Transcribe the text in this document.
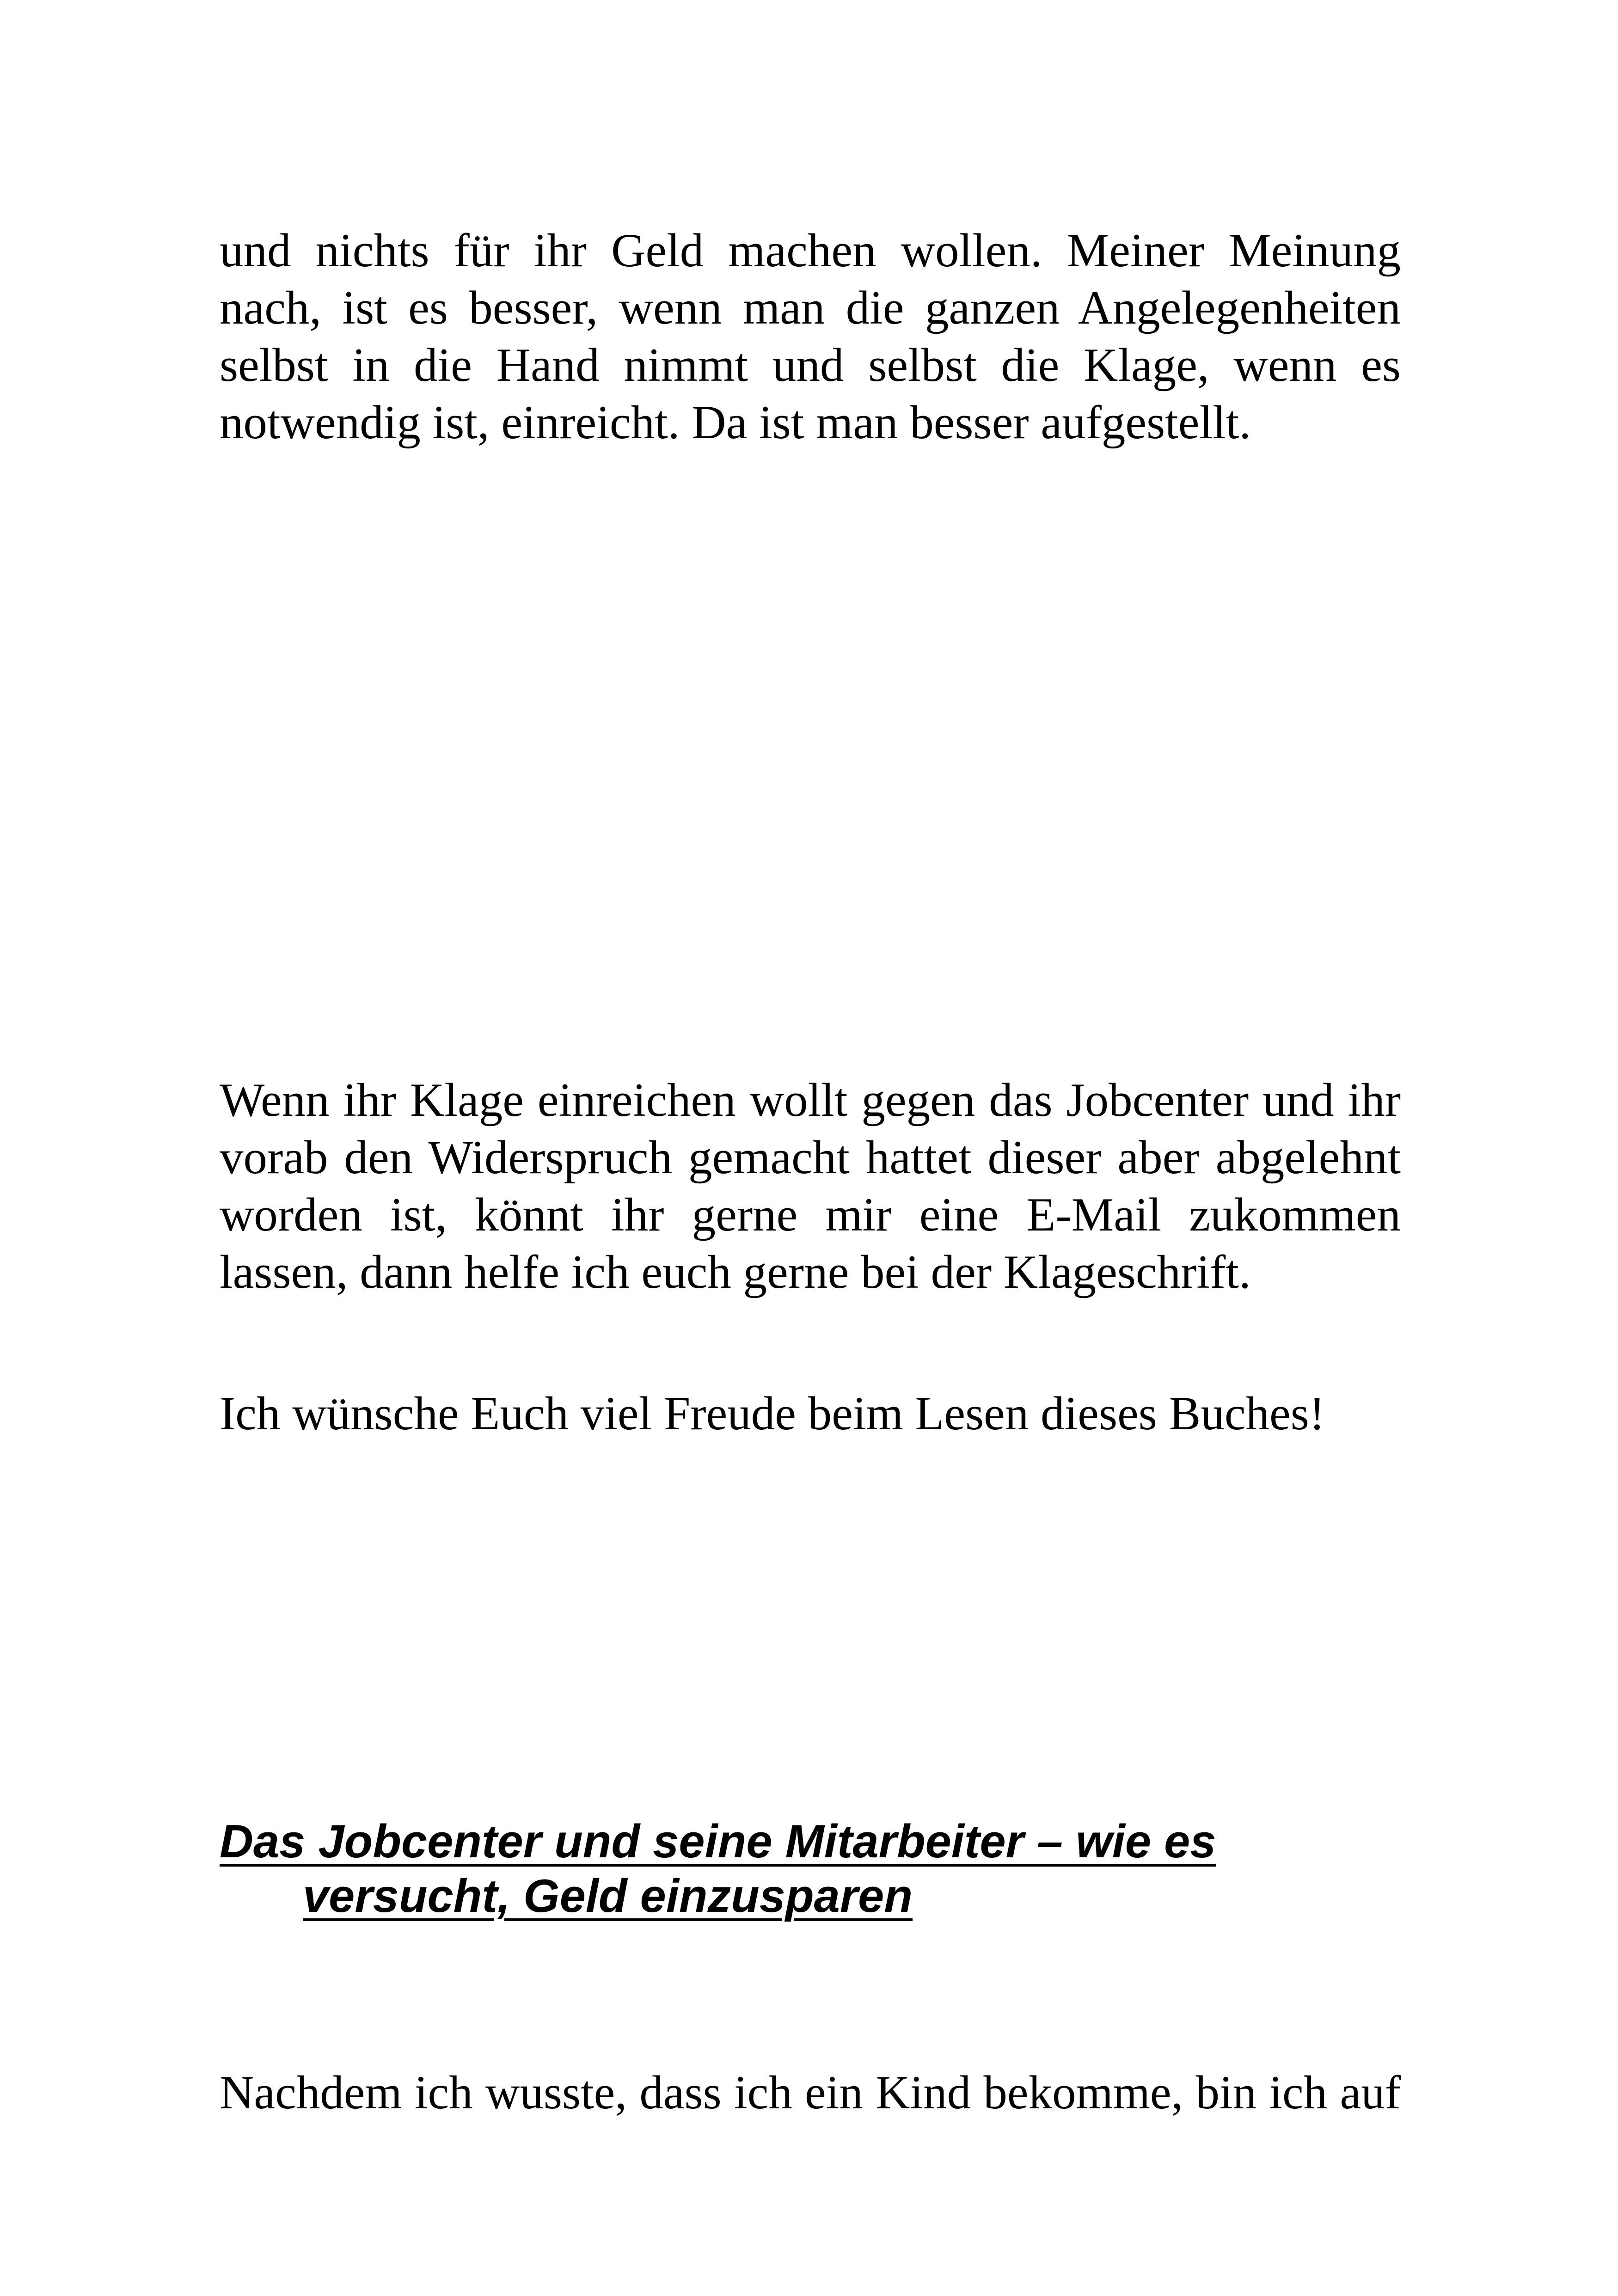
und nichts für ihr Geld machen wollen. Meiner Meinung nach, ist es besser, wenn man die ganzen Angelegenheiten selbst in die Hand nimmt und selbst die Klage, wenn es notwendig ist, einreicht. Da ist man besser aufgestellt.

Wenn ihr Klage einreichen wollt gegen das Jobcenter und ihr vorab den Widerspruch gemacht hattet dieser aber abgelehnt worden ist, könnt ihr gerne mir eine E-Mail zukommen lassen, dann helfe ich euch gerne bei der Klageschrift.

Ich wünsche Euch viel Freude beim Lesen dieses Buches!

Das Jobcenter und seine Mitarbeiter – wie es
versucht, Geld einzusparen

Nachdem ich wusste, dass ich ein Kind bekomme, bin ich auf
